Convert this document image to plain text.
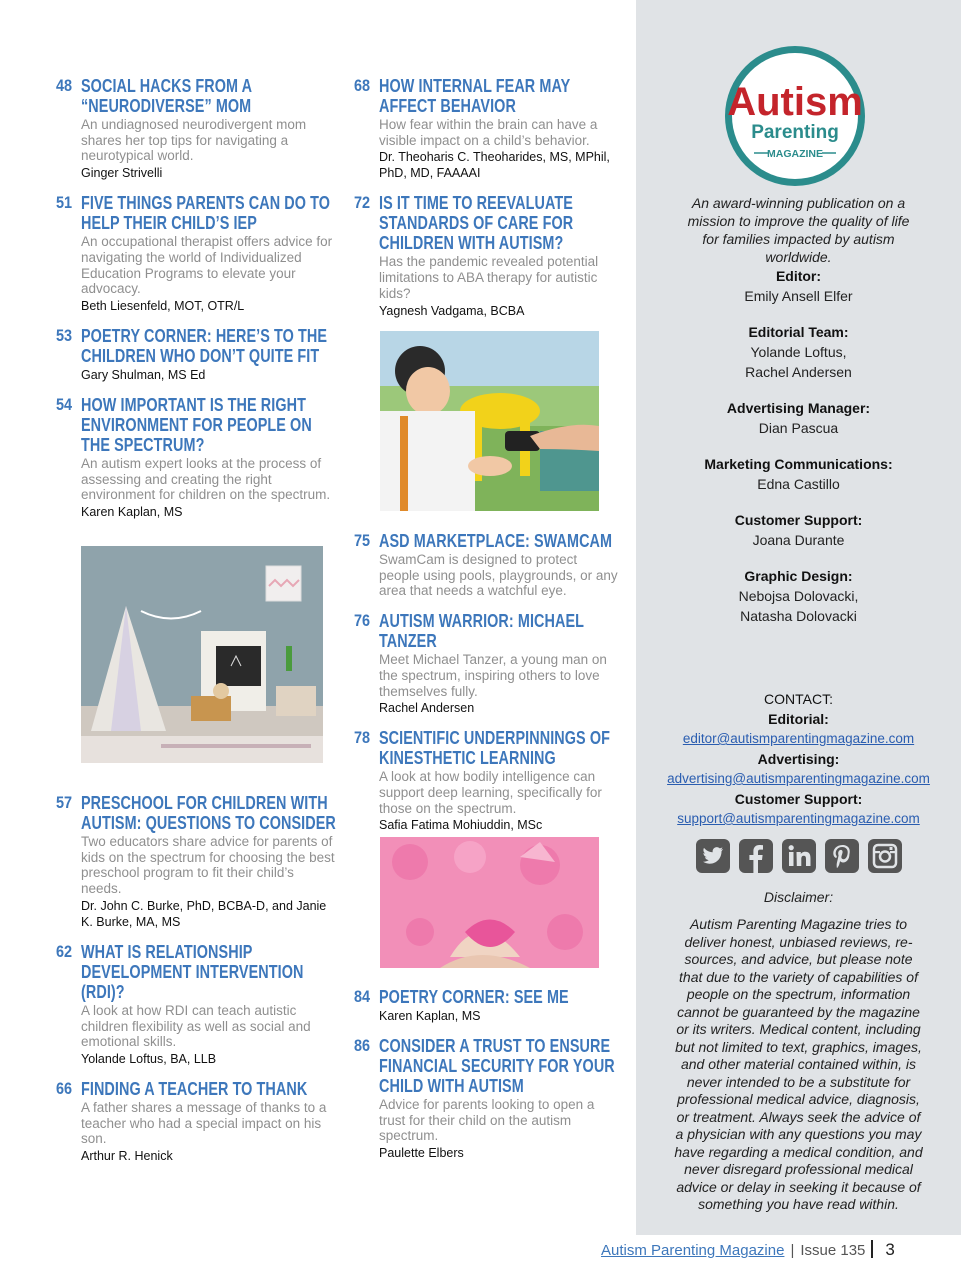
48 SOCIAL HACKS FROM A “NEURODIVERSE” MOM
An undiagnosed neurodivergent mom shares her top tips for navigating a neurotypical world.
Ginger Strivelli
51 FIVE THINGS PARENTS CAN DO TO HELP THEIR CHILD’S IEP
An occupational therapist offers advice for navigating the world of Individualized Education Programs to elevate your advocacy.
Beth Liesenfeld, MOT, OTR/L
53 POETRY CORNER: HERE’S TO THE CHILDREN WHO DON’T QUITE FIT
Gary Shulman, MS Ed
54 HOW IMPORTANT IS THE RIGHT ENVIRONMENT FOR PEOPLE ON THE SPECTRUM?
An autism expert looks at the process of assessing and creating the right environment for children on the spectrum.
Karen Kaplan, MS
57 PRESCHOOL FOR CHILDREN WITH AUTISM: QUESTIONS TO CONSIDER
Two educators share advice for parents of kids on the spectrum for choosing the best preschool program to fit their child’s needs.
Dr. John C. Burke, PhD, BCBA-D, and Janie K. Burke, MA, MS
62 WHAT IS RELATIONSHIP DEVELOPMENT INTERVENTION (RDI)?
A look at how RDI can teach autistic children flexibility as well as social and emotional skills.
Yolande Loftus, BA, LLB
66 FINDING A TEACHER TO THANK
A father shares a message of thanks to a teacher who had a special impact on his son.
Arthur R. Henick
68 HOW INTERNAL FEAR MAY AFFECT BEHAVIOR
How fear within the brain can have a visible impact on a child’s behavior.
Dr. Theoharis C. Theoharides, MS, MPhil, PhD, MD, FAAAAI
72 IS IT TIME TO REEVALUATE STANDARDS OF CARE FOR CHILDREN WITH AUTISM?
Has the pandemic revealed potential limitations to ABA therapy for autistic kids?
Yagnesh Vadgama, BCBA
75 ASD MARKETPLACE: SWAMCAM
SwamCam is designed to protect people using pools, playgrounds, or any area that needs a watchful eye.
76 AUTISM WARRIOR: MICHAEL TANZER
Meet Michael Tanzer, a young man on the spectrum, inspiring others to love themselves fully.
Rachel Andersen
78 SCIENTIFIC UNDERPINNINGS OF KINESTHETIC LEARNING
A look at how bodily intelligence can support deep learning, specifically for those on the spectrum.
Safia Fatima Mohiuddin, MSc
84 POETRY CORNER: SEE ME
Karen Kaplan, MS
86 CONSIDER A TRUST TO ENSURE FINANCIAL SECURITY FOR YOUR CHILD WITH AUTISM
Advice for parents looking to open a trust for their child on the autism spectrum.
Paulette Elbers
Autism
Parenting
MAGAZINE
An award-winning publication on a mission to improve the quality of life for families impacted by autism worldwide.
Editor:
Emily Ansell Elfer
Editorial Team:
Yolande Loftus,
Rachel Andersen
Advertising Manager:
Dian Pascua
Marketing Communications:
Edna Castillo
Customer Support:
Joana Durante
Graphic Design:
Nebojsa Dolovacki,
Natasha Dolovacki
CONTACT:
Editorial:
editor@autismparentingmagazine.com
Advertising:
advertising@autismparentingmagazine.com
Customer Support:
support@autismparentingmagazine.com
Disclaimer:
Autism Parenting Magazine tries to deliver honest, unbiased reviews, re-sources, and advice, but please note that due to the variety of capabilities of people on the spectrum, information cannot be guaranteed by the magazine or its writers. Medical content, including but not limited to text, graphics, images, and other material contained within, is never intended to be a substitute for professional medical advice, diagnosis, or treatment. Always seek the advice of a physician with any questions you may have regarding a medical condition, and never disregard professional medical advice or delay in seeking it because of something you have read within.
Autism Parenting Magazine | Issue 135 3
